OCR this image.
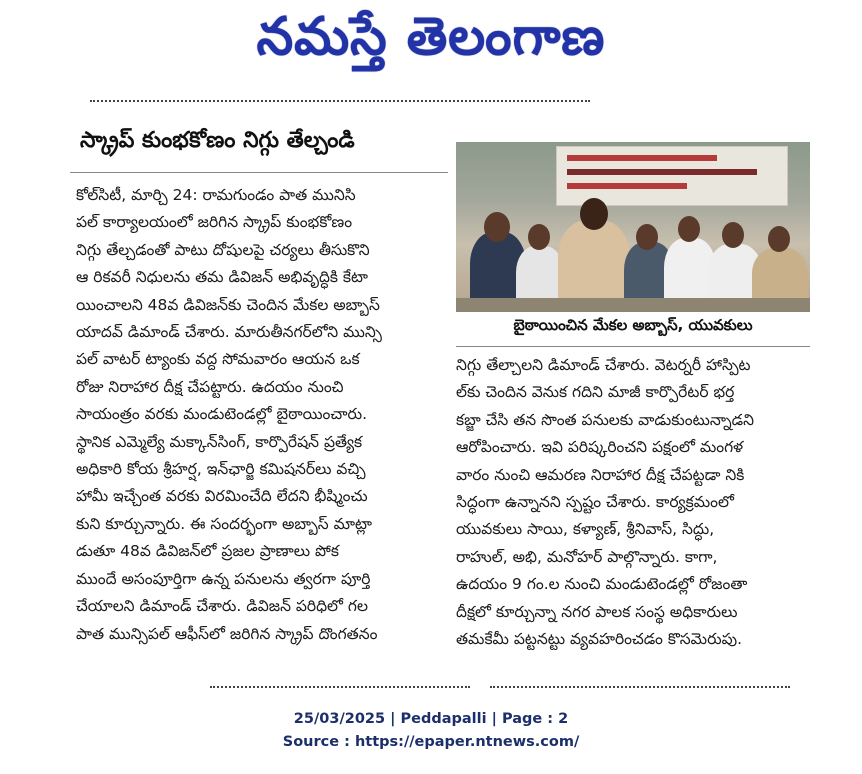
నమస్తే తెలంగాణ
స్క్రాప్ కుంభకోణం నిగ్గు తేల్చండి
కోల్‌సిటీ, మార్చి 24: రామగుండం పాత మునిసి
పల్ కార్యాలయంలో జరిగిన స్క్రాప్ కుంభకోణం
నిగ్గు తేల్చడంతో పాటు దోషులపై చర్యలు తీసుకొని
ఆ రికవరీ నిధులను తమ డివిజన్ అభివృద్ధికి కేటా
యించాలని 48వ డివిజన్‌కు చెందిన మేకల అబ్బాస్
యాదవ్ డిమాండ్ చేశారు. మారుతీనగర్‌లోని మున్సి
పల్ వాటర్ ట్యాంకు వద్ద సోమవారం ఆయన ఒక
రోజు నిరాహార దీక్ష చేపట్టారు. ఉదయం నుంచి
సాయంత్రం వరకు మండుటెండల్లో బైఠాయించారు.
స్థానిక ఎమ్మెల్యే మక్కాన్‌సింగ్, కార్పొరేషన్ ప్రత్యేక
అధికారి కోయ శ్రీహర్ష, ఇన్‌ఛార్జి కమిషనర్‌లు వచ్చి
హామీ ఇచ్చేంత వరకు విరమించేది లేదని భీష్మించు
కుని కూర్చున్నారు. ఈ సందర్భంగా అబ్బాస్ మాట్లా
డుతూ 48వ డివిజన్‌లో ప్రజల ప్రాణాలు పోక
ముందే అసంపూర్తిగా ఉన్న పనులను త్వరగా పూర్తి
చేయాలని డిమాండ్ చేశారు. డివిజన్ పరిధిలో గల
పాత మున్సిపల్ ఆఫీస్‌లో జరిగిన స్క్రాప్ దొంగతనం
బైఠాయించిన మేకల అబ్బాస్, యువకులు
నిగ్గు తేల్చాలని డిమాండ్ చేశారు. వెటర్నరీ హాస్పిట
ల్‌కు చెందిన వెనుక గదిని మాజీ కార్పొరేటర్ భర్త
కబ్జా చేసి తన సొంత పనులకు వాడుకుంటున్నాడని
ఆరోపించారు. ఇవి పరిష్కరించని పక్షంలో మంగళ
వారం నుంచి ఆమరణ నిరాహార దీక్ష చేపట్టడా నికి
సిద్ధంగా ఉన్నానని స్పష్టం చేశారు. కార్యక్రమంలో
యువకులు సాయి, కళ్యాణ్, శ్రీనివాస్, సిద్ధు,
రాహుల్, అభి, మనోహర్ పాల్గొన్నారు. కాగా,
ఉదయం 9 గం.ల నుంచి మండుటెండల్లో రోజంతా
దీక్షలో కూర్చున్నా నగర పాలక సంస్థ అధికారులు
తమకేమీ పట్టనట్టు వ్యవహరించడం కొసమెరుపు.
25/03/2025 | Peddapalli | Page : 2
Source : https://epaper.ntnews.com/
